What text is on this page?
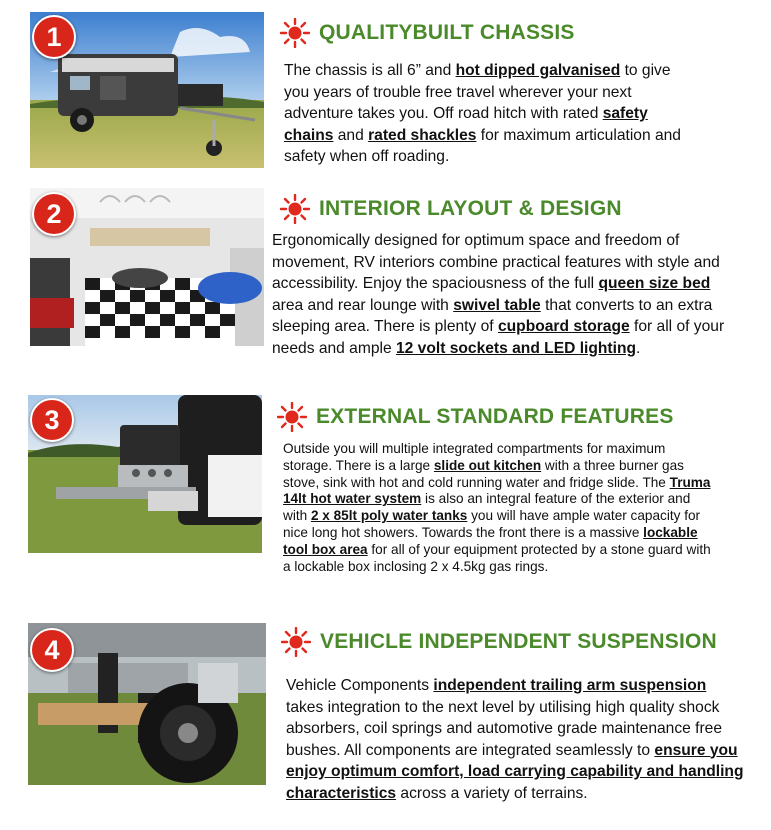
1	QUALITYBUILT CHASSIS
The chassis is all 6” and hot dipped galvanised to give you years of trouble free travel wherever your next adventure takes you. Off road hitch with rated safety chains and rated shackles for maximum articulation and safety when off roading.
2	INTERIOR LAYOUT & DESIGN
Ergonomically designed for optimum space and freedom of movement, RV interiors combine practical features with style and accessibility. Enjoy the spaciousness of the full queen size bed area and rear lounge with swivel table that converts to an extra sleeping area. There is plenty of cupboard storage for all of your needs and ample 12 volt sockets and LED lighting.
3	EXTERNAL STANDARD FEATURES
Outside you will multiple integrated compartments for maximum storage. There is a large slide out kitchen with a three burner gas stove, sink with hot and cold running water and fridge slide. The Truma 14lt hot water system is also an integral feature of the exterior and with 2 x 85lt poly water tanks you will have ample water capacity for nice long hot showers. Towards the front there is a massive lockable tool box area for all of your equipment protected by a stone guard with a lockable box inclosing 2 x 4.5kg gas rings.
4	VEHICLE INDEPENDENT SUSPENSION
Vehicle Components independent trailing arm suspension takes integration to the next level by utilising high quality shock absorbers, coil springs and automotive grade maintenance free bushes. All components are integrated seamlessly to ensure you enjoy optimum comfort, load carrying capability and handling characteristics across a variety of terrains.
